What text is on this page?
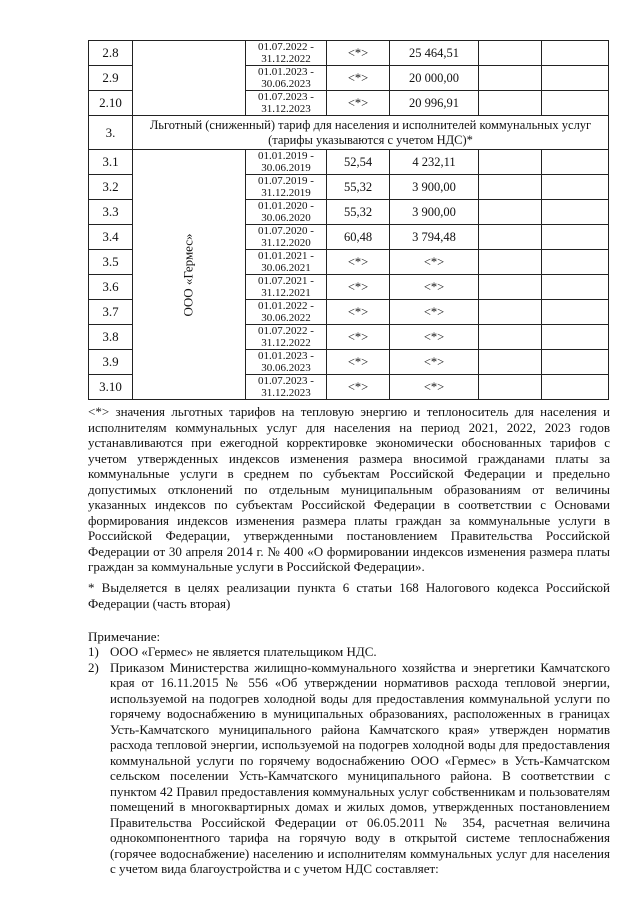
2.8		01.07.2022 - 31.12.2022	<*>	25 464,51		
2.9		01.01.2023 - 30.06.2023	<*>	20 000,00		
2.10		01.07.2023 - 31.12.2023	<*>	20 996,91		
3.	Льготный (сниженный) тариф для населения и исполнителей коммунальных услуг (тарифы указываются с учетом НДС)*					
3.1	ООО «Гермес»	01.01.2019 - 30.06.2019	52,54	4 232,11		
3.2		01.07.2019 - 31.12.2019	55,32	3 900,00		
3.3		01.01.2020 - 30.06.2020	55,32	3 900,00		
3.4		01.07.2020 - 31.12.2020	60,48	3 794,48		
3.5		01.01.2021 - 30.06.2021	<*>	<*>		
3.6		01.07.2021 - 31.12.2021	<*>	<*>		
3.7		01.01.2022 - 30.06.2022	<*>	<*>		
3.8		01.07.2022 - 31.12.2022	<*>	<*>		
3.9		01.01.2023 - 30.06.2023	<*>	<*>		
3.10		01.07.2023 - 31.12.2023	<*>	<*>		
<*> значения льготных тарифов на тепловую энергию и теплоноситель для населения и исполнителям коммунальных услуг для населения на период 2021, 2022, 2023 годов устанавливаются при ежегодной корректировке экономически обоснованных тарифов с учетом утвержденных индексов изменения размера вносимой гражданами платы за коммунальные услуги в среднем по субъектам Российской Федерации и предельно допустимых отклонений по отдельным муниципальным образованиям от величины указанных индексов по субъектам Российской Федерации в соответствии с Основами формирования индексов изменения размера платы граждан за коммунальные услуги в Российской Федерации, утвержденными постановлением Правительства Российской Федерации от 30 апреля 2014 г. № 400 «О формировании индексов изменения размера платы граждан за коммунальные услуги в Российской Федерации».
* Выделяется в целях реализации пункта 6 статьи 168 Налогового кодекса Российской Федерации (часть вторая)
Примечание:
1) ООО «Гермес» не является плательщиком НДС.
2) Приказом Министерства жилищно-коммунального хозяйства и энергетики Камчатского края от 16.11.2015 № 556 «Об утверждении нормативов расхода тепловой энергии, используемой на подогрев холодной воды для предоставления коммунальной услуги по горячему водоснабжению в муниципальных образованиях, расположенных в границах Усть-Камчатского муниципального района Камчатского края» утвержден норматив расхода тепловой энергии, используемой на подогрев холодной воды для предоставления коммунальной услуги по горячему водоснабжению ООО «Гермес» в Усть-Камчатском сельском поселении Усть-Камчатского муниципального района. В соответствии с пунктом 42 Правил предоставления коммунальных услуг собственникам и пользователям помещений в многоквартирных домах и жилых домов, утвержденных постановлением Правительства Российской Федерации от 06.05.2011 № 354, расчетная величина однокомпонентного тарифа на горячую воду в открытой системе теплоснабжения (горячее водоснабжение) населению и исполнителям коммунальных услуг для населения с учетом вида благоустройства и с учетом НДС составляет:
